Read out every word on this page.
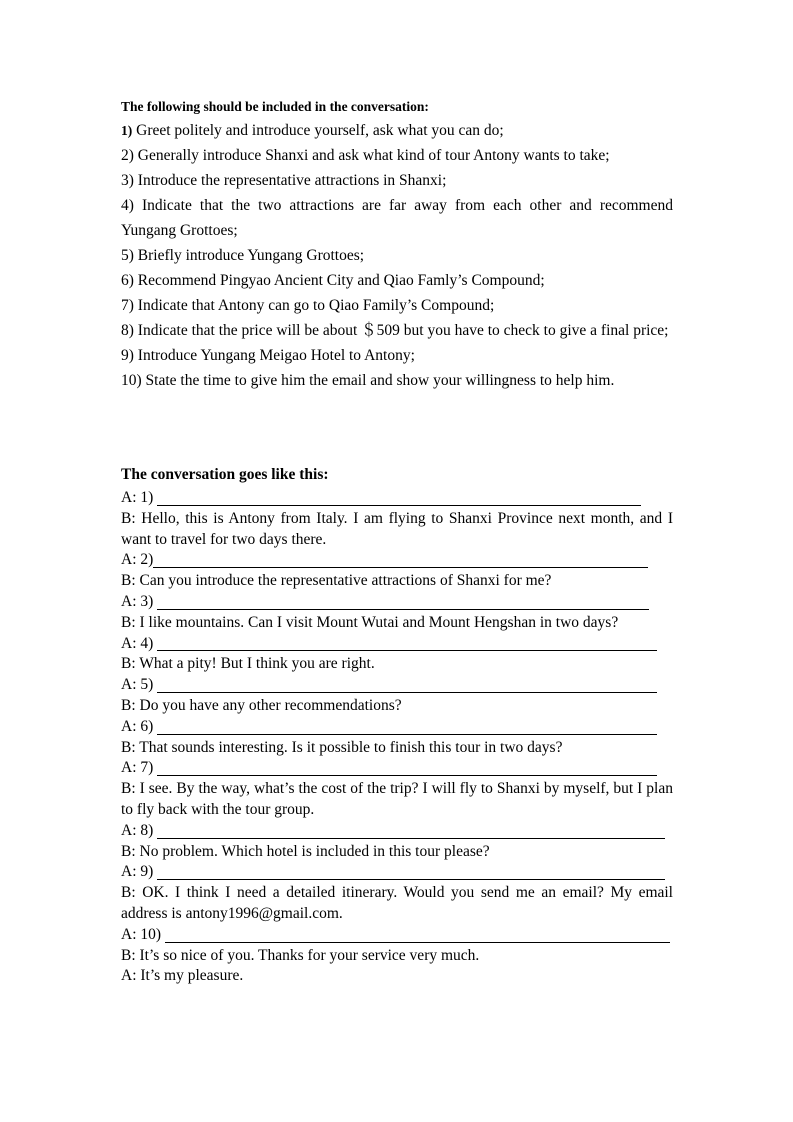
The following should be included in the conversation:
1) Greet politely and introduce yourself, ask what you can do;
2) Generally introduce Shanxi and ask what kind of tour Antony wants to take;
3) Introduce the representative attractions in Shanxi;
4) Indicate that the two attractions are far away from each other and recommend Yungang Grottoes;
5) Briefly introduce Yungang Grottoes;
6) Recommend Pingyao Ancient City and Qiao Famly’s Compound;
7) Indicate that Antony can go to Qiao Family’s Compound;
8) Indicate that the price will be about ＄509 but you have to check to give a final price;
9) Introduce Yungang Meigao Hotel to Antony;
10) State the time to give him the email and show your willingness to help him.
The conversation goes like this:
A: 1)
B: Hello, this is Antony from Italy. I am flying to Shanxi Province next month, and I want to travel for two days there.
A: 2)
B: Can you introduce the representative attractions of Shanxi for me?
A: 3)
B: I like mountains. Can I visit Mount Wutai and Mount Hengshan in two days?
A: 4)
B: What a pity! But I think you are right.
A: 5)
B: Do you have any other recommendations?
A: 6)
B: That sounds interesting. Is it possible to finish this tour in two days?
A: 7)
B: I see. By the way, what’s the cost of the trip? I will fly to Shanxi by myself, but I plan to fly back with the tour group.
A: 8)
B: No problem. Which hotel is included in this tour please?
A: 9)
B: OK. I think I need a detailed itinerary. Would you send me an email? My email address is antony1996@gmail.com.
A: 10)
B: It’s so nice of you. Thanks for your service very much.
A: It’s my pleasure.
